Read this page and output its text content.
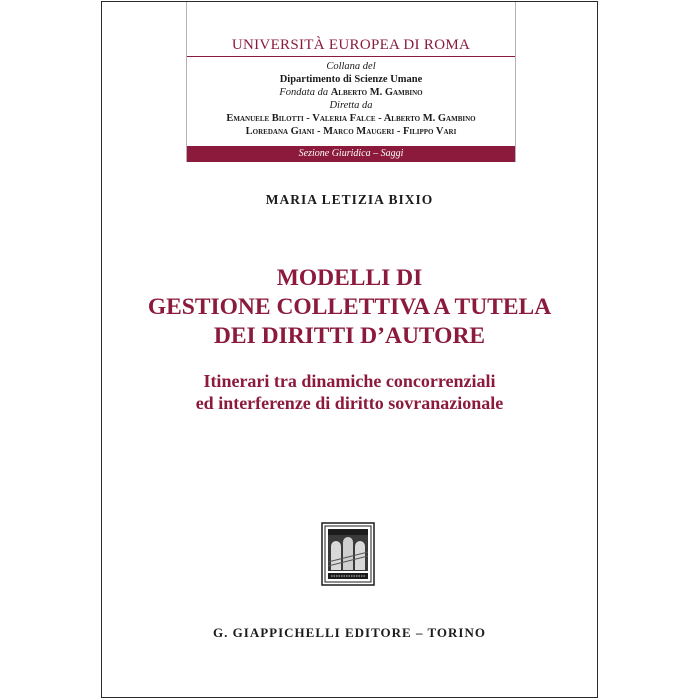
UNIVERSITÀ EUROPEA DI ROMA
Collana del
Dipartimento di Scienze Umane
Fondata da Alberto M. Gambino
Diretta da
Emanuele Bilotti - Valeria Falce - Alberto M. Gambino
Loredana Giani - Marco Maugeri - Filippo Vari
Sezione Giuridica – Saggi
MARIA LETIZIA BIXIO
MODELLI DI
GESTIONE COLLETTIVA A TUTELA
DEI DIRITTI D’AUTORE
Itinerari tra dinamiche concorrenziali
ed interferenze di diritto sovranazionale
G. GIAPPICHELLI EDITORE – TORINO
